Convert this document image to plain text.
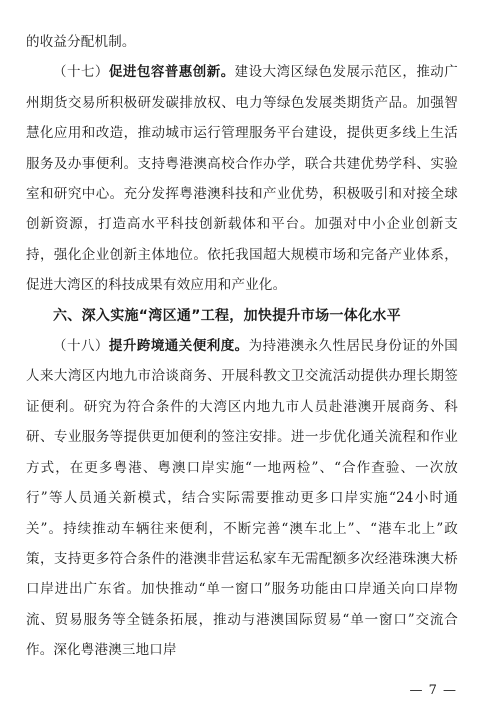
的收益分配机制。

（十七）促进包容普惠创新。建设大湾区绿色发展示范区，推动广州期货交易所积极研发碳排放权、电力等绿色发展类期货产品。加强智慧化应用和改造，推动城市运行管理服务平台建设，提供更多线上生活服务及办事便利。支持粤港澳高校合作办学，联合共建优势学科、实验室和研究中心。充分发挥粤港澳科技和产业优势，积极吸引和对接全球创新资源，打造高水平科技创新载体和平台。加强对中小企业创新支持，强化企业创新主体地位。依托我国超大规模市场和完备产业体系，促进大湾区的科技成果有效应用和产业化。

六、深入实施“湾区通”工程，加快提升市场一体化水平

（十八）提升跨境通关便利度。为持港澳永久性居民身份证的外国人来大湾区内地九市洽谈商务、开展科教文卫交流活动提供办理长期签证便利。研究为符合条件的大湾区内地九市人员赴港澳开展商务、科研、专业服务等提供更加便利的签注安排。进一步优化通关流程和作业方式，在更多粤港、粤澳口岸实施“一地两检”、“合作查验、一次放行”等人员通关新模式，结合实际需要推动更多口岸实施“24小时通关”。持续推动车辆往来便利，不断完善“澳车北上”、“港车北上”政策，支持更多符合条件的港澳非营运私家车无需配额多次经港珠澳大桥口岸进出广东省。加快推动“单一窗口”服务功能由口岸通关向口岸物流、贸易服务等全链条拓展，推动与港澳国际贸易“单一窗口”交流合作。深化粤港澳三地口岸

— 7 —
